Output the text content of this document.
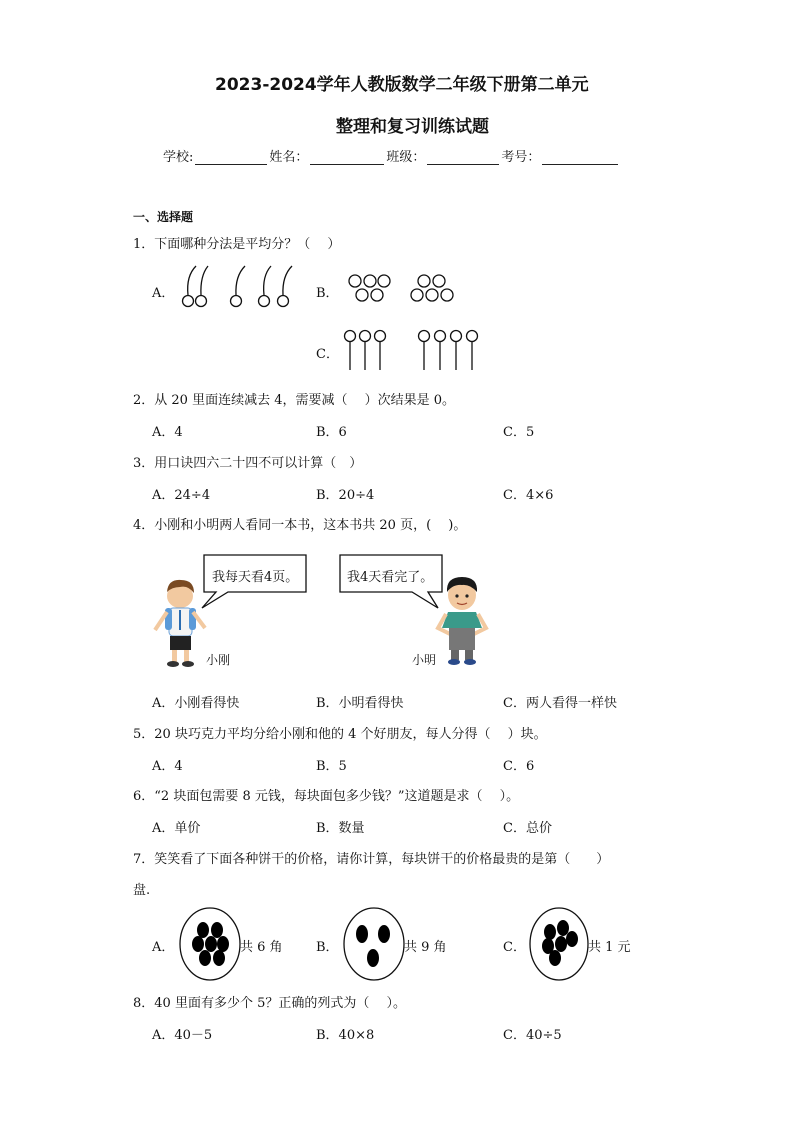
2023-2024学年人教版数学二年级下册第二单元
整理和复习训练试题
学校:	姓名：	班级：	考号：
一、选择题
1．下面哪种分法是平均分？（　 ）
A．	B．
C．
2．从 20 里面连续减去 4，需要减（　 ）次结果是 0。
A．4	B．6	C．5
3．用口诀四六二十四不可以计算（　）
A．24÷4	B．20÷4	C．4×6
4．小刚和小明两人看同一本书，这本书共 20 页，(　 )。
我每天看4页。	我4天看完了。
小刚	小明
A．小刚看得快	B．小明看得快	C．两人看得一样快
5．20 块巧克力平均分给小刚和他的 4 个好朋友，每人分得（　 ）块。
A．4	B．5	C．6
6．“2 块面包需要 8 元钱，每块面包多少钱？”这道题是求（　 ）。
A．单价	B．数量	C．总价
7．笑笑看了下面各种饼干的价格，请你计算，每块饼干的价格最贵的是第（　　）
盘.
A．	共 6 角	B．	共 9 角	C．	共 1 元
8．40 里面有多少个 5？正确的列式为（　 ）。
A．40－5	B．40×8	C．40÷5
